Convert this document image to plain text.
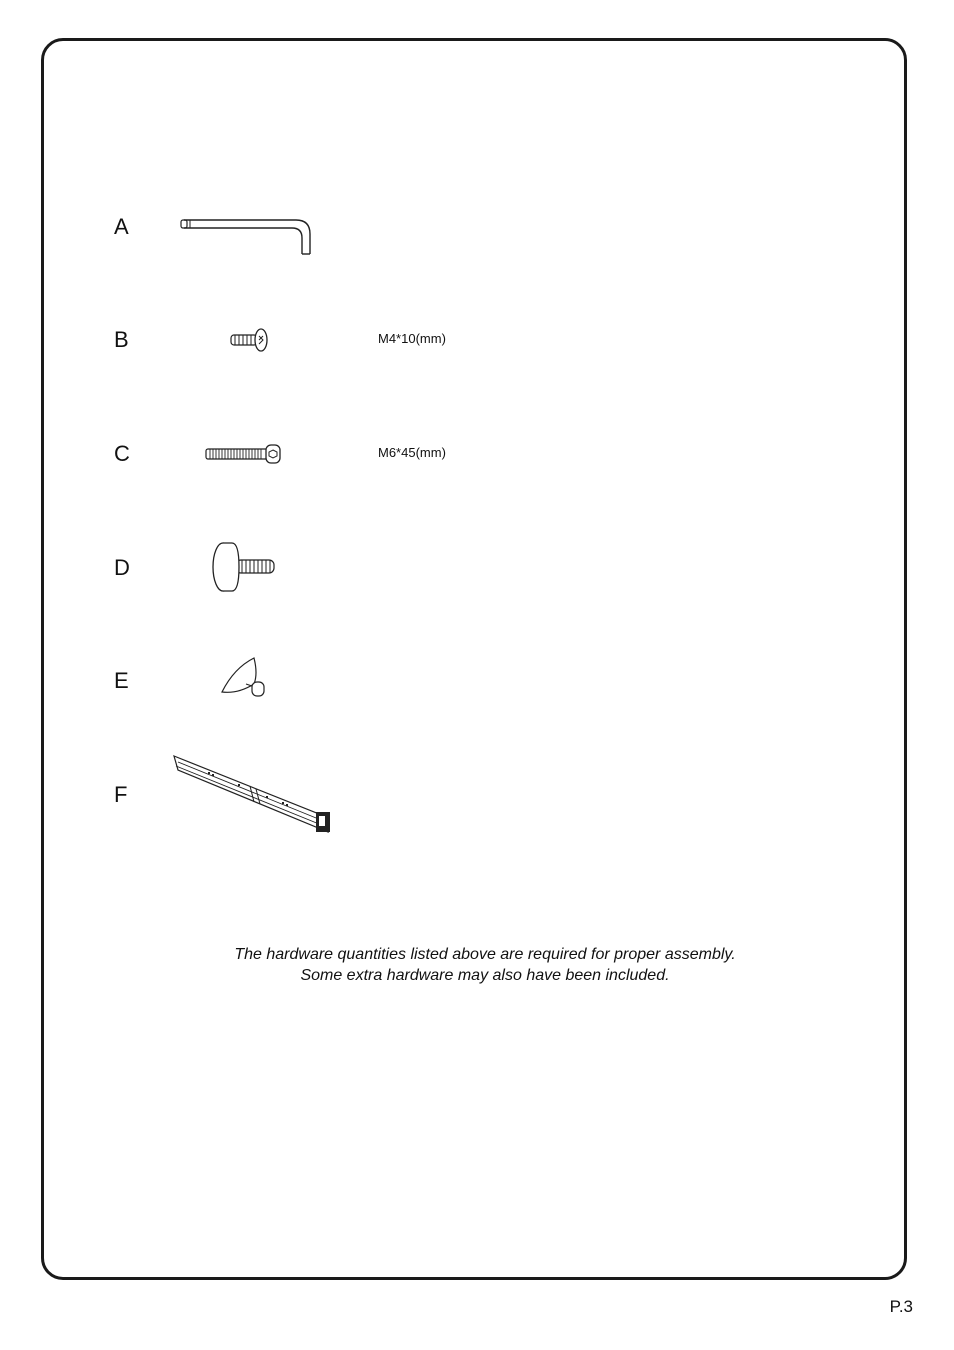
A
B	M4*10(mm)
C	M6*45(mm)
D
E
F
The hardware quantities listed above are required for proper assembly.
Some extra hardware may also have been included.
P.3
